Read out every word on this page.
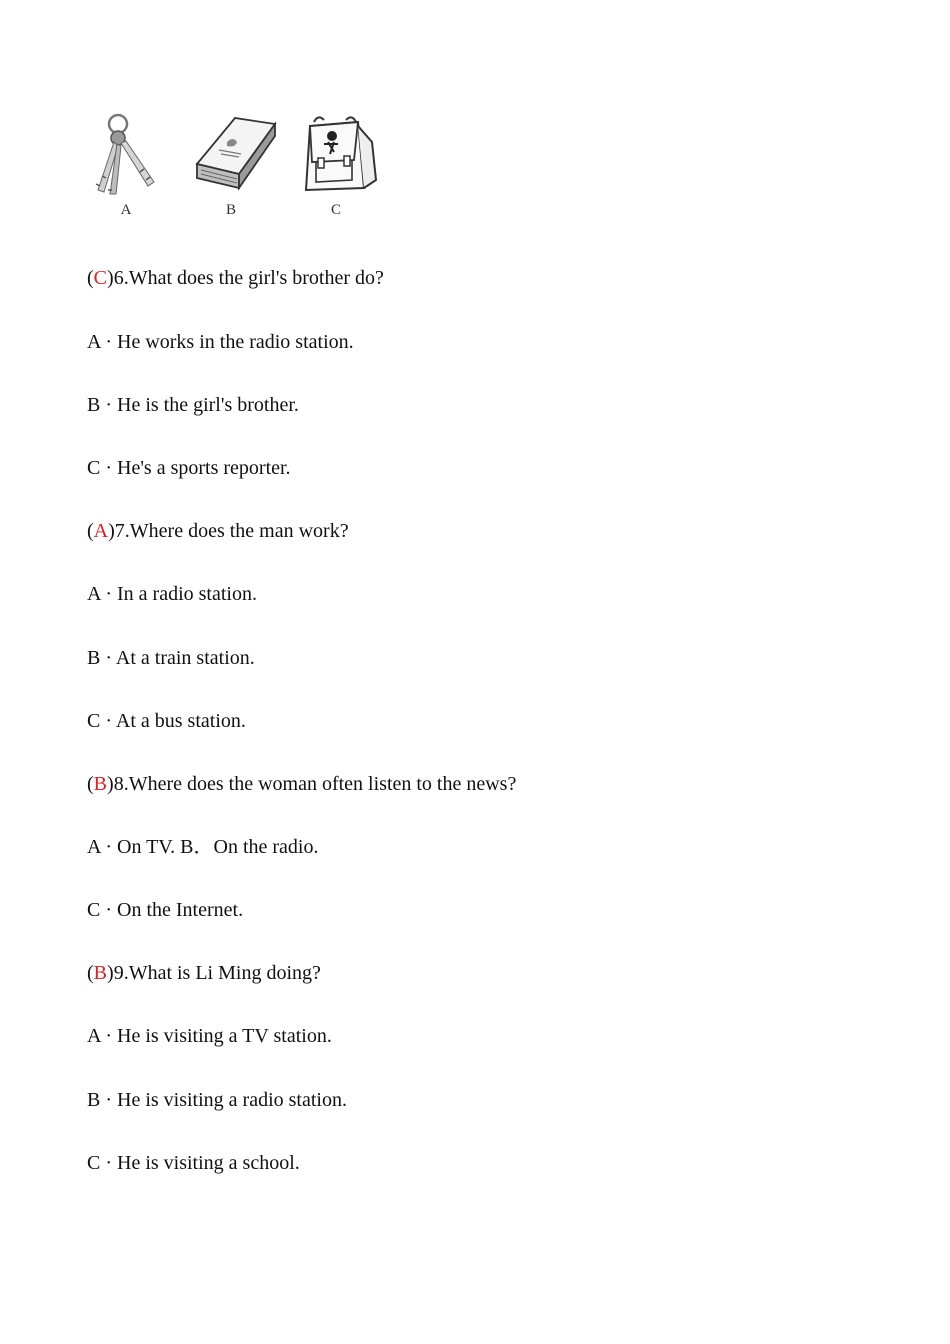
A	B	C
(C)6.What does the girl's brother do?
A · He works in the radio station.
B · He is the girl's brother.
C · He's a sports reporter.
(A)7.Where does the man work?
A · In a radio station.
B · At a train station.
C · At a bus station.
(B)8.Where does the woman often listen to the news?
A · On TV. B．On the radio.
C · On the Internet.
(B)9.What is Li Ming doing?
A · He is visiting a TV station.
B · He is visiting a radio station.
C · He is visiting a school.
